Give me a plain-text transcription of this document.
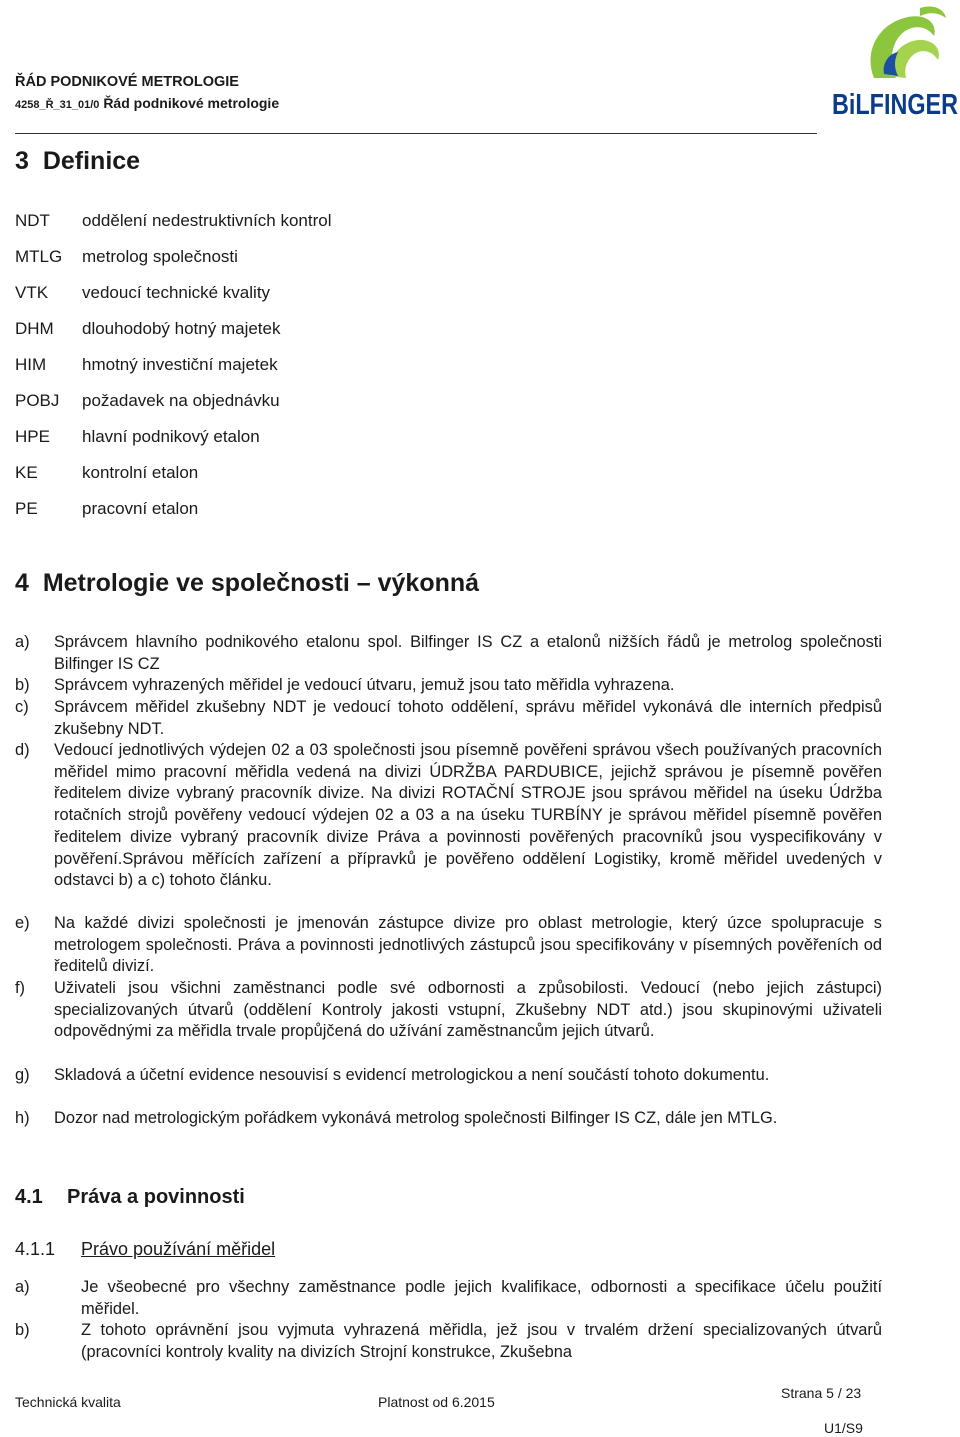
ŘÁD PODNIKOVÉ METROLOGIE
4258_Ř_31_01/0 Řád podnikové metrologie	BiLFINGER
3 Definice
NDT oddělení nedestruktivních kontrol
MTLG metrolog společnosti
VTK vedoucí technické kvality
DHM dlouhodobý hotný majetek
HIM hmotný investiční majetek
POBJ požadavek na objednávku
HPE hlavní podnikový etalon
KE	kontrolní etalon
PE	pracovní etalon
4 Metrologie ve společnosti – výkonná
a) Správcem hlavního podnikového etalonu spol. Bilfinger IS CZ a etalonů nižších řádů je metrolog společnosti Bilfinger IS CZ
b) Správcem vyhrazených měřidel je vedoucí útvaru, jemuž jsou tato měřidla vyhrazena.
c) Správcem měřidel zkušebny NDT je vedoucí tohoto oddělení, správu měřidel vykonává dle interních předpisů zkušebny NDT.
d) Vedoucí jednotlivých výdejen 02 a 03 společnosti jsou písemně pověřeni správou všech používaných pracovních měřidel mimo pracovní měřidla vedená na divizi ÚDRŽBA PARDUBICE, jejichž správou je písemně pověřen ředitelem divize vybraný pracovník divize. Na divizi ROTAČNÍ STROJE jsou správou měřidel na úseku Údržba rotačních strojů pověřeny vedoucí výdejen 02 a 03 a na úseku TURBÍNY je správou měřidel písemně pověřen ředitelem divize vybraný pracovník divize Práva a povinnosti pověřených pracovníků jsou vyspecifikovány v pověření.Správou měřících zařízení a přípravků je pověřeno oddělení Logistiky, kromě měřidel uvedených v odstavci b) a c) tohoto článku.
e) Na každé divizi společnosti je jmenován zástupce divize pro oblast metrologie, který úzce spolupracuje s metrologem společnosti. Práva a povinnosti jednotlivých zástupců jsou specifikovány v písemných pověřeních od ředitelů divizí.
f) Uživateli jsou všichni zaměstnanci podle své odbornosti a způsobilosti. Vedoucí (nebo jejich zástupci) specializovaných útvarů (oddělení Kontroly jakosti vstupní, Zkušebny NDT atd.) jsou skupinovými uživateli odpovědnými za měřidla trvale propůjčená do užívání zaměstnancům jejich útvarů.
g) Skladová a účetní evidence nesouvisí s evidencí metrologickou a není součástí tohoto dokumentu.
h) Dozor nad metrologickým pořádkem vykonává metrolog společnosti Bilfinger IS CZ, dále jen MTLG.
4.1 Práva a povinnosti
4.1.1 Právo používání měřidel
a)	Je všeobecné pro všechny zaměstnance podle jejich kvalifikace, odbornosti a specifikace účelu použití měřidel.
b)	Z tohoto oprávnění jsou vyjmuta vyhrazená měřidla, jež jsou v trvalém držení specializovaných útvarů (pracovníci kontroly kvality na divizích Strojní konstrukce, Zkušebna
Technická kvalita	Platnost od 6.2015
Strana 5 / 23
U1/S9
